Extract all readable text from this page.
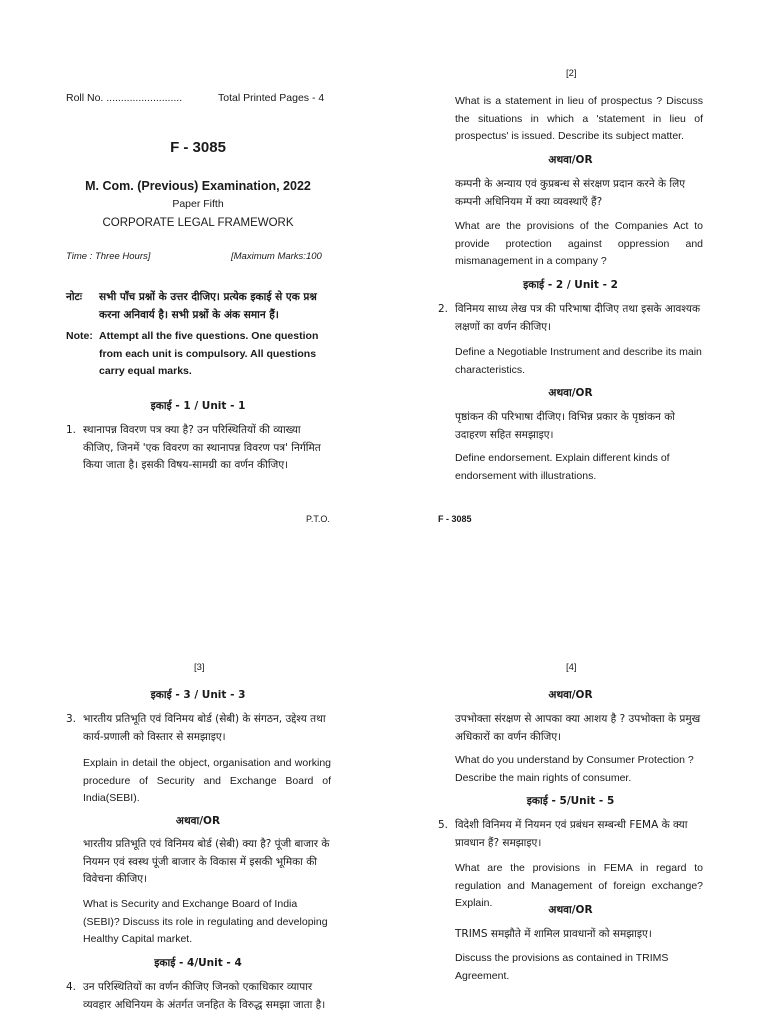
Roll No. ..........................	Total Printed Pages - 4
F - 3085
M. Com. (Previous) Examination, 2022
Paper Fifth
CORPORATE LEGAL FRAMEWORK
Time : Three Hours]	[Maximum Marks:100
नोटः सभी पाँच प्रश्नों के उत्तर दीजिए। प्रत्येक इकाई से एक प्रश्न करना अनिवार्य है। सभी प्रश्नों के अंक समान हैं।
Note: Attempt all the five questions. One question from each unit is compulsory. All questions carry equal marks.
इकाई - 1 / Unit - 1
1. स्थानापन्न विवरण पत्र क्या है? उन परिस्थितियों की व्याख्या कीजिए, जिनमें 'एक विवरण का स्थानापन्न विवरण पत्र' निर्गमित किया जाता है। इसकी विषय-सामग्री का वर्णन कीजिए।
P.T.O.
[2]
What is a statement in lieu of prospectus ? Discuss the situations in which a 'statement in lieu of prospectus' is issued. Describe its subject matter.
अथवा/OR
कम्पनी के अन्याय एवं कुप्रबन्ध से संरक्षण प्रदान करने के लिए कम्पनी अधिनियम में क्या व्यवस्थाएँ हैं?
What are the provisions of the Companies Act to provide protection against oppression and mismanagement in a company ?
इकाई - 2 / Unit - 2
2. विनिमय साध्य लेख पत्र की परिभाषा दीजिए तथा इसके आवश्यक लक्षणों का वर्णन कीजिए।
Define a Negotiable Instrument and describe its main characteristics.
अथवा/OR
पृष्ठांकन की परिभाषा दीजिए। विभिन्न प्रकार के पृष्ठांकन को उदाहरण सहित समझाइए।
Define endorsement. Explain different kinds of endorsement with illustrations.
F - 3085
[3]
इकाई - 3 / Unit - 3
3. भारतीय प्रतिभूति एवं विनिमय बोर्ड (सेबी) के संगठन, उद्देश्य तथा कार्य-प्रणाली को विस्तार से समझाइए।
Explain in detail the object, organisation and working procedure of Security and Exchange Board of India(SEBI).
अथवा/OR
भारतीय प्रतिभूति एवं विनिमय बोर्ड (सेबी) क्या है? पूंजी बाजार के नियमन एवं स्वस्थ पूंजी बाजार के विकास में इसकी भूमिका की विवेचना कीजिए।
What is Security and Exchange Board of India (SEBI)? Discuss its role in regulating and developing Healthy Capital market.
इकाई - 4/Unit - 4
4. उन परिस्थितियों का वर्णन कीजिए जिनको एकाधिकार व्यापार व्यवहार अधिनियम के अंतर्गत जनहित के विरुद्ध समझा जाता है।
[4]
अथवा/OR
उपभोक्ता संरक्षण से आपका क्या आशय है ? उपभोक्ता के प्रमुख अधिकारों का वर्णन कीजिए।
What do you understand by Consumer Protection ? Describe the main rights of consumer.
इकाई - 5/Unit - 5
5. विदेशी विनिमय में नियमन एवं प्रबंधन सम्बन्धी FEMA के क्या प्रावधान हैं? समझाइए।
What are the provisions in FEMA in regard to regulation and Management of foreign exchange? Explain.
अथवा/OR
TRIMS समझौते में शामिल प्रावधानों को समझाइए।
Discuss the provisions as contained in TRIMS Agreement.
